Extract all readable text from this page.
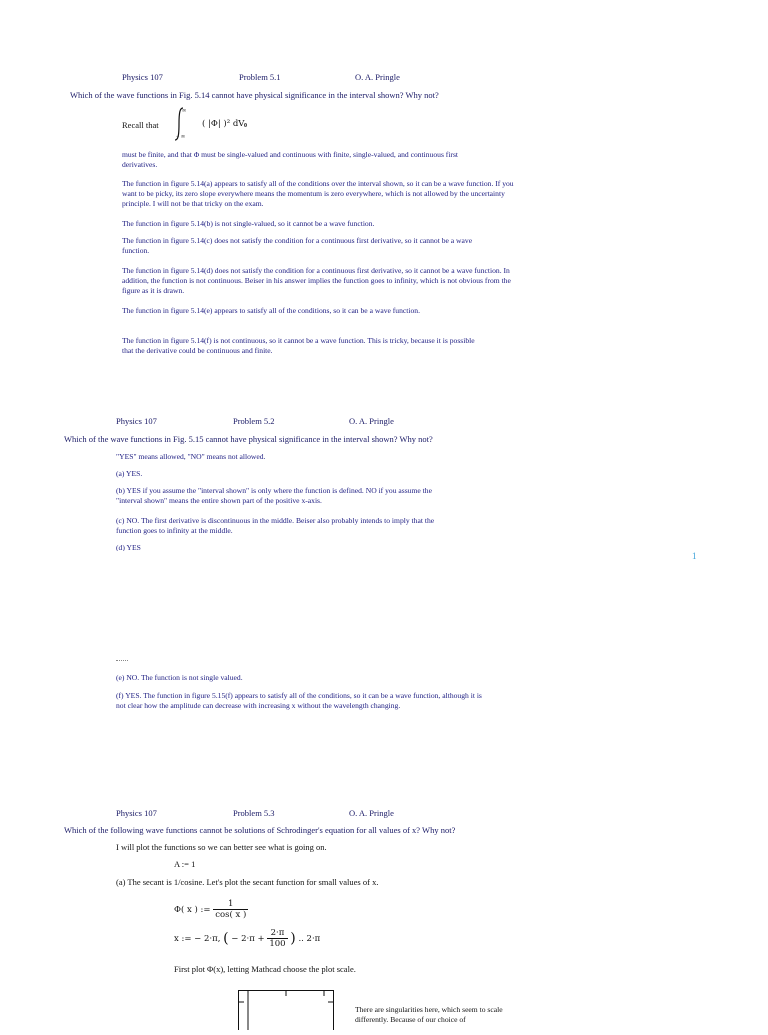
Physics 107	Problem 5.1	O. A. Pringle
Which of the wave functions in Fig. 5.14 cannot have physical significance in the interval shown? Why not?
Recall that
∞
− ∞
( |Φ| )² dV 0
must be finite, and that Φ must be single-valued and continuous with finite, single-valued, and continuous first derivatives.
The function in figure 5.14(a) appears to satisfy all of the conditions over the interval shown, so it can be a wave function. If you want to be picky, its zero slope everywhere means the momentum is zero everywhere, which is not allowed by the uncertainty principle. I will not be that tricky on the exam.
The function in figure 5.14(b) is not single-valued, so it cannot be a wave function.
The function in figure 5.14(c) does not satisfy the condition for a continuous first derivative, so it cannot be a wave function.
The function in figure 5.14(d) does not satisfy the condition for a continuous first derivative, so it cannot be a wave function. In addition, the function is not continuous. Beiser in his answer implies the function goes to infinity, which is not obvious from the figure as it is drawn.
The function in figure 5.14(e) appears to satisfy all of the conditions, so it can be a wave function.
The function in figure 5.14(f) is not continuous, so it cannot be a wave function. This is tricky, because it is possible that the derivative could be continuous and finite.
Physics 107	Problem 5.2	O. A. Pringle
Which of the wave functions in Fig. 5.15 cannot have physical significance in the interval shown? Why not?
"YES" means allowed, "NO" means not allowed.
(a) YES.
(b) YES if you assume the "interval shown" is only where the function is defined. NO if you assume the "interval shown" means the entire shown part of the positive x-axis.
(c) NO. The first derivative is discontinuous in the middle. Beiser also probably intends to imply that the function goes to infinity at the middle.
(d) YES
1
(e) NO. The function is not single valued.
(f) YES. The function in figure 5.15(f) appears to satisfy all of the conditions, so it can be a wave function, although it is not clear how the amplitude can decrease with increasing x without the wavelength changing.
Physics 107	Problem 5.3	O. A. Pringle
Which of the following wave functions cannot be solutions of Schrodinger's equation for all values of x? Why not?
I will plot the functions so we can better see what is going on.
A := 1
(a) The secant is 1/cosine. Let's plot the secant function for small values of x.
Φ( x ) := $\frac{1}{\cos( x )}$
x := − 2·π, ( − $2\cdot\pi + \frac{2\cdot\pi}{100}$ ) .. 2·π
First plot Φ(x), letting Mathcad choose the plot scale.
There are singularities here, which seem to scale differently. Because of our choice of
